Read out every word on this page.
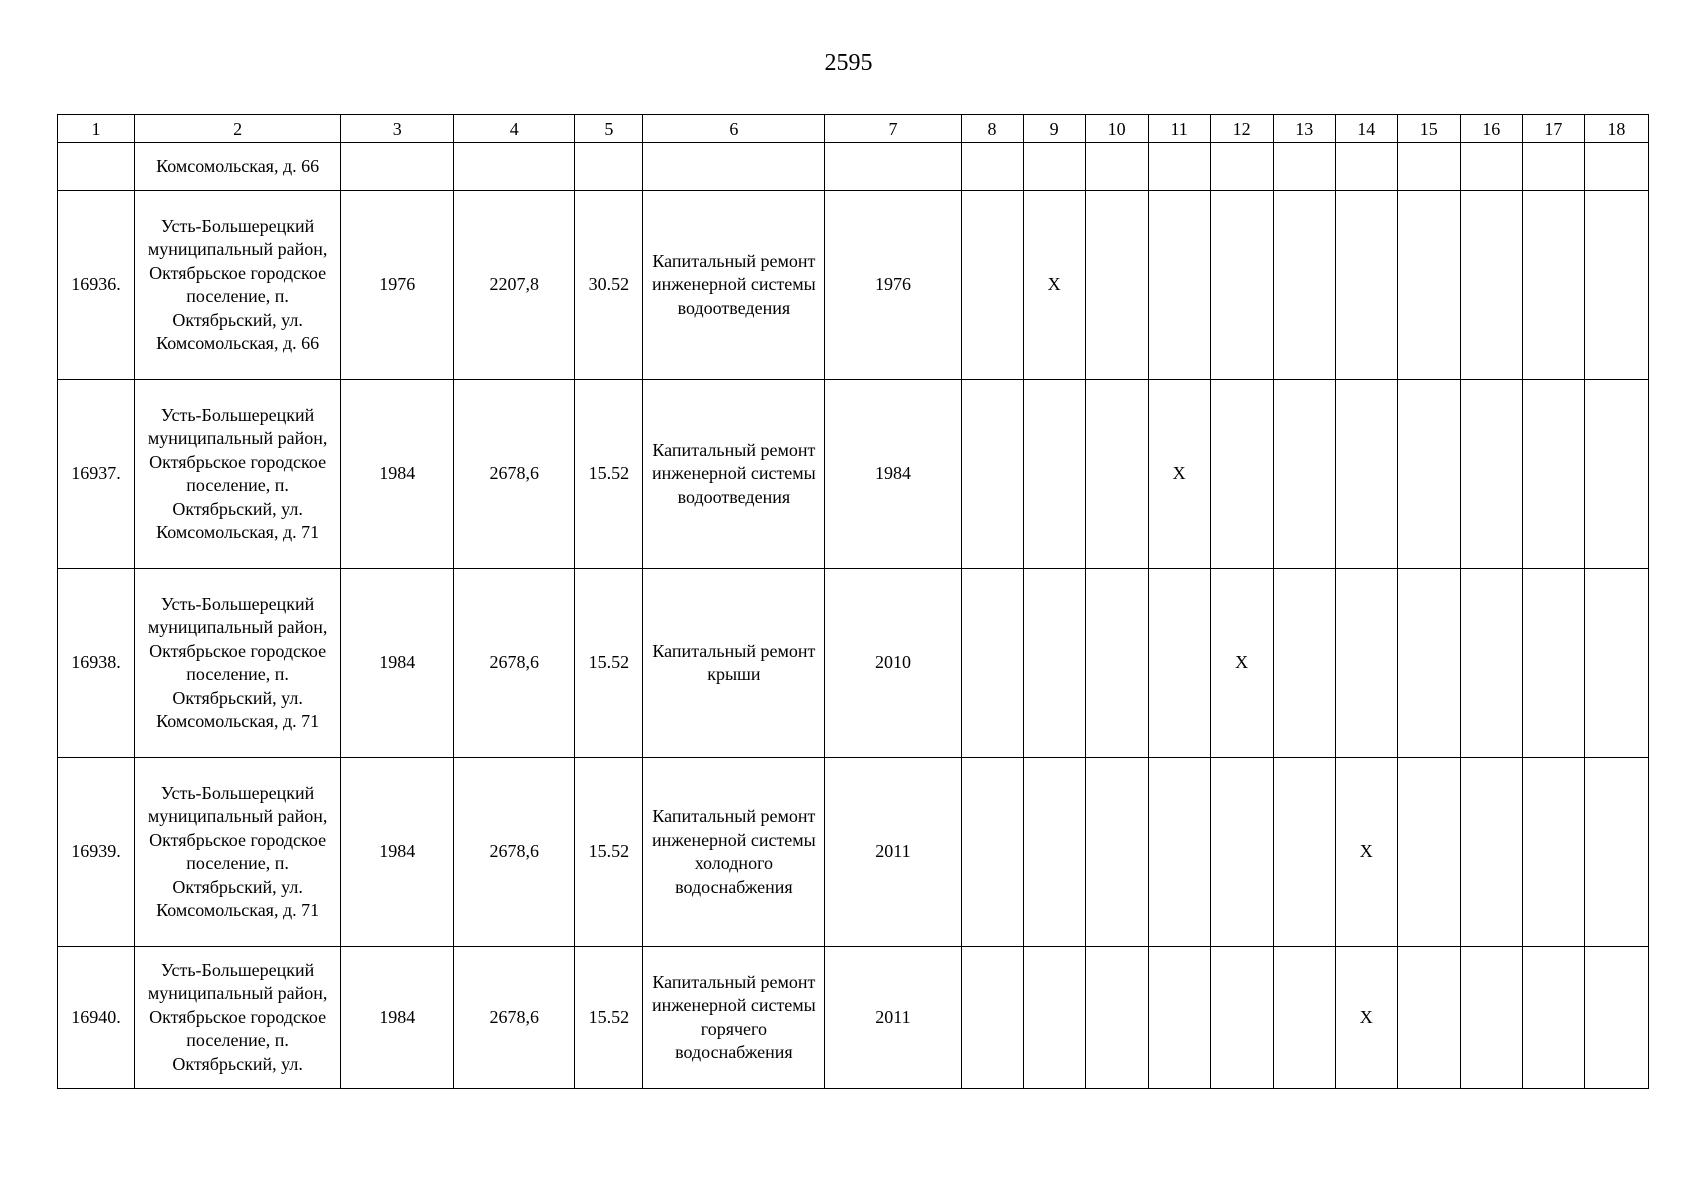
2595
1	2	3	4	5	6	7	8	9	10	11	12	13	14	15	16	17	18
	Комсомольская, д. 66																
16936.	Усть-Большерецкий муниципальный район, Октябрьское городское поселение, п. Октябрьский, ул. Комсомольская, д. 66	1976	2207,8	30.52	Капитальный ремонт инженерной системы водоотведения	1976		X									
16937.	Усть-Большерецкий муниципальный район, Октябрьское городское поселение, п. Октябрьский, ул. Комсомольская, д. 71	1984	2678,6	15.52	Капитальный ремонт инженерной системы водоотведения	1984				X							
16938.	Усть-Большерецкий муниципальный район, Октябрьское городское поселение, п. Октябрьский, ул. Комсомольская, д. 71	1984	2678,6	15.52	Капитальный ремонт крыши	2010					X						
16939.	Усть-Большерецкий муниципальный район, Октябрьское городское поселение, п. Октябрьский, ул. Комсомольская, д. 71	1984	2678,6	15.52	Капитальный ремонт инженерной системы холодного водоснабжения	2011							X				
16940.	Усть-Большерецкий муниципальный район, Октябрьское городское поселение, п. Октябрьский, ул.	1984	2678,6	15.52	Капитальный ремонт инженерной системы горячего водоснабжения	2011							X				
